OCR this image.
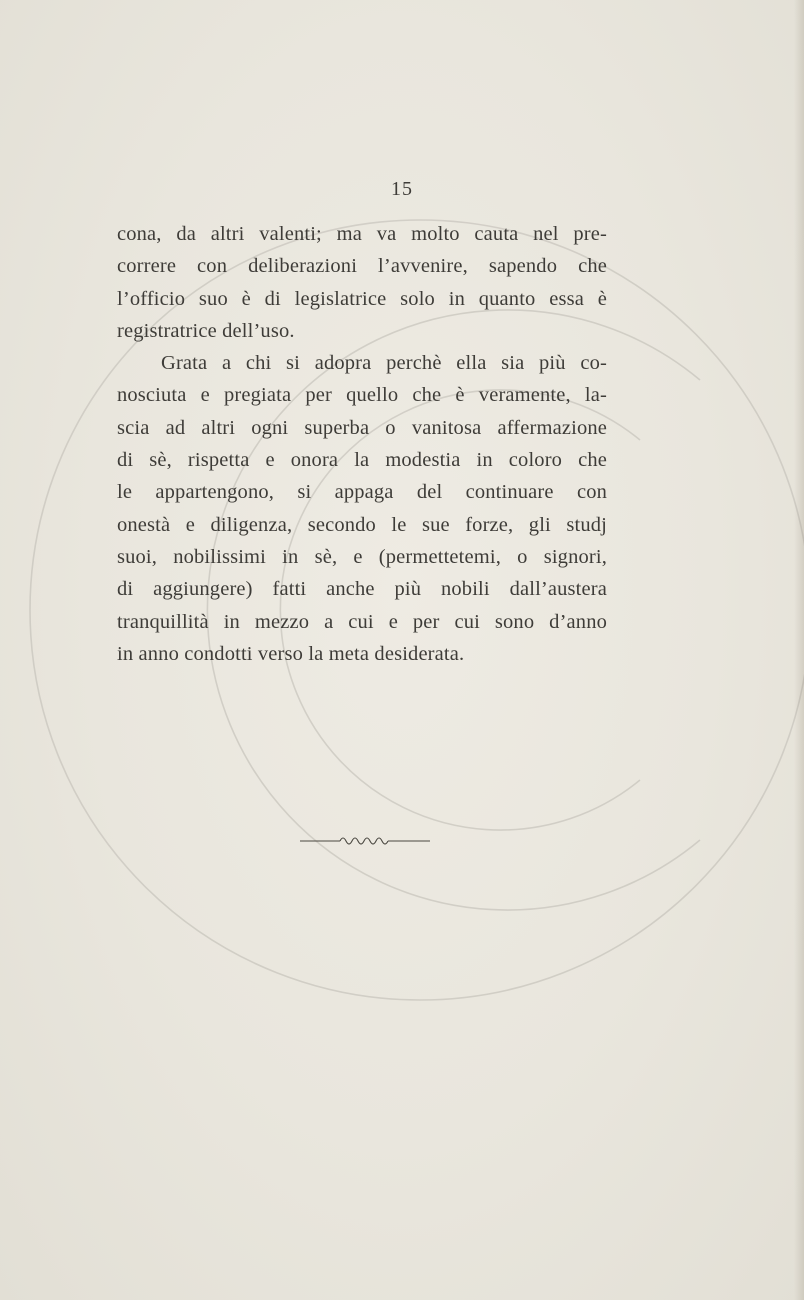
15
cona, da altri valenti; ma va molto cauta nel pre-
correre con deliberazioni l’avvenire, sapendo che
l’officio suo è di legislatrice solo in quanto essa è
registratrice dell’uso.
Grata a chi si adopra perchè ella sia più co-
nosciuta e pregiata per quello che è veramente, la-
scia ad altri ogni superba o vanitosa affermazione
di sè, rispetta e onora la modestia in coloro che
le appartengono, si appaga del continuare con
onestà e diligenza, secondo le sue forze, gli studj
suoi, nobilissimi in sè, e (permettetemi, o signori,
di aggiungere) fatti anche più nobili dall’austera
tranquillità in mezzo a cui e per cui sono d’anno
in anno condotti verso la meta desiderata.
